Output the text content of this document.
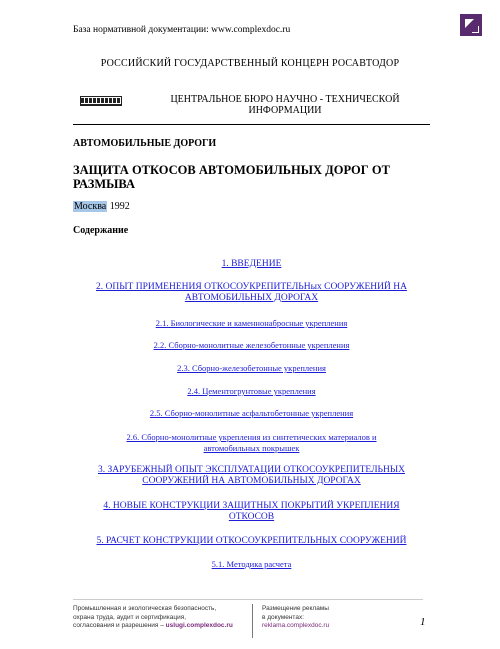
База нормативной документации: www.complexdoc.ru
РОССИЙСКИЙ ГОСУДАРСТВЕННЫЙ КОНЦЕРН РОСАВТОДОР
ЦЕНТРАЛЬНОЕ БЮРО НАУЧНО - ТЕХНИЧЕСКОЙ
ИНФОРМАЦИИ
АВТОМОБИЛЬНЫЕ ДОРОГИ
ЗАЩИТА ОТКОСОВ АВТОМОБИЛЬНЫХ ДОРОГ ОТ
РАЗМЫВА
Москва 1992
Содержание
1. ВВЕДЕНИЕ
2. ОПЫТ ПРИМЕНЕНИЯ ОТКОСОУКРЕПИТЕЛЬНых СООРУЖЕНИЙ НА
АВТОМОБИЛЬНЫХ ДОРОГАХ
2.1. Биологические и каменнонаброcные укрепления
2.2. Сборно-монолитные железобетонные укрепления
2.3. Сборно-железобетонные укрепления
2.4. Цементогрунтовые укрепления
2.5. Сборно-монолитные асфальтобетонные укрепления
2.6. Сборно-монолитные укрепления из синтетических материалов и
автомобильных покрышек
3. ЗАРУБЕЖНЫЙ ОПЫТ ЭКСПЛУАТАЦИИ ОТКОСОУКРЕПИТЕЛЬНЫХ
СООРУЖЕНИЙ НА АВТОМОБИЛЬНЫХ ДОРОГАХ
4. НОВЫЕ КОНСТРУКЦИИ ЗАЩИТНЫХ ПОКРЫТИЙ УКРЕПЛЕНИЯ
ОТКОСОВ
5. РАСЧЕТ КОНСТРУКЦИИ ОТКОСОУКРЕПИТЕЛЬНЫХ СООРУЖЕНИЙ
5.1. Методика расчета
Промышленная и экологическая безопасность,
охрана труда, аудит и сертификация,
согласования и разрешения – uslugi.complexdoc.ru
Размещение рекламы
в документах:
reklama.complexdoc.ru	1
